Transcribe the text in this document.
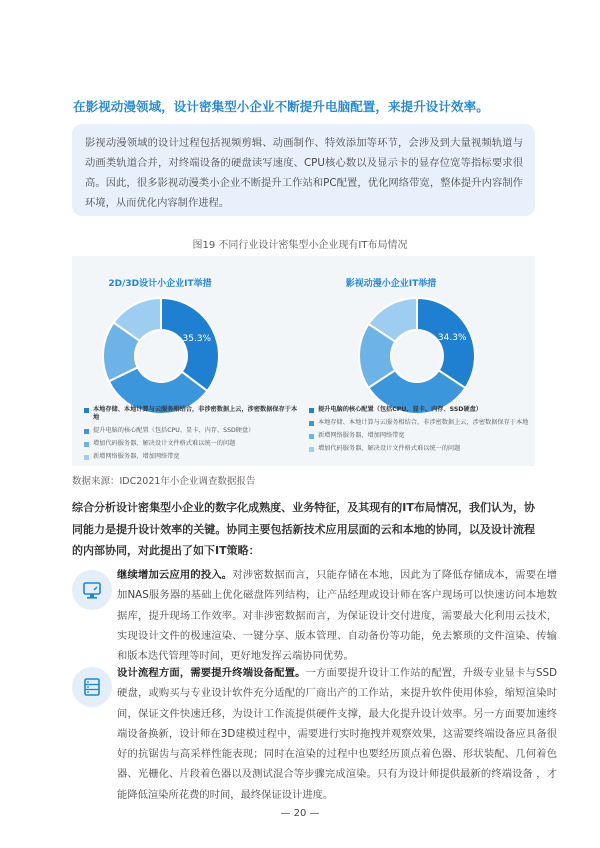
在影视动漫领域，设计密集型小企业不断提升电脑配置，来提升设计效率。
影视动漫领域的设计过程包括视频剪辑、动画制作、特效添加等环节，会涉及到大量视频轨道与动画类轨道合并，对终端设备的硬盘读写速度、CPU核心数以及显示卡的显存位宽等指标要求很高。因此，很多影视动漫类小企业不断提升工作站和PC配置，优化网络带宽，整体提升内容制作环境，从而优化内容制作进程。
图19 不同行业设计密集型小企业现有IT布局情况
2D/3D设计小企业IT举措	影视动漫小企业IT举措
35.3%	34.3%
本地存储、本地计算与云服务相结合，非涉密数据上云，涉密数据保存于本地
提升电脑的核心配置（包括CPU、显卡、内存、SSD硬盘）
增加代码服务器，解决设计文件格式难以统一的问题
新增网络服务器，增加网络带宽
提升电脑的核心配置（包括CPU、显卡、内存、SSD硬盘）
本地存储、本地计算与云服务相结合，非涉密数据上云，涉密数据保存于本地
新增网络服务器，增加网络带宽
增加代码服务器，解决设计文件格式难以统一的问题
数据来源：IDC2021年小企业调查数据报告
综合分析设计密集型小企业的数字化成熟度、业务特征，及其现有的IT布局情况，我们认为，协同能力是提升设计效率的关键。协同主要包括新技术应用层面的云和本地的协同，以及设计流程的内部协同，对此提出了如下IT策略：
继续增加云应用的投入。对涉密数据而言，只能存储在本地，因此为了降低存储成本，需要在增加NAS服务器的基础上优化磁盘阵列结构，让产品经理或设计师在客户现场可以快速访问本地数据库，提升现场工作效率。对非涉密数据而言，为保证设计交付进度，需要最大化利用云技术，实现设计文件的极速渲染、一键分享、版本管理、自动备份等功能，免去繁琐的文件渲染、传输和版本迭代管理等时间，更好地发挥云端协同优势。
设计流程方面，需要提升终端设备配置。一方面要提升设计工作站的配置，升级专业显卡与SSD硬盘，或购买与专业设计软件充分适配的厂商出产的工作站，来提升软件使用体验，缩短渲染时间，保证文件快速迁移，为设计工作流提供硬件支撑，最大化提升设计效率。另一方面要加速终端设备换新，设计师在3D建模过程中，需要进行实时拖拽并观察效果，这需要终端设备应具备很好的抗锯齿与高采样性能表现；同时在渲染的过程中也要经历顶点着色器、形状装配、几何着色器、光栅化、片段着色器以及测试混合等步骤完成渲染。只有为设计师提供最新的终端设备 ，才能降低渲染所花费的时间，最终保证设计进度。
— 20 —
